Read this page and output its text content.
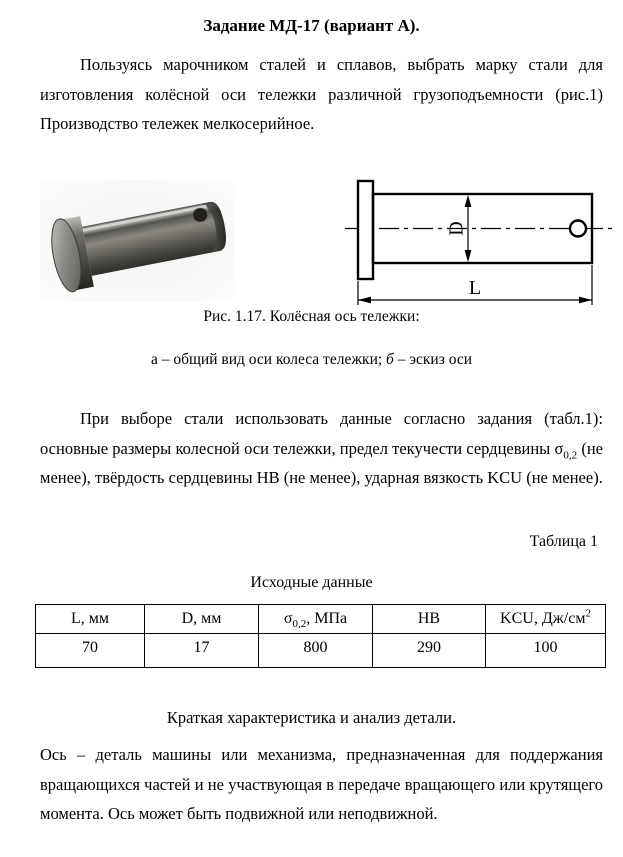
Задание МД-17 (вариант А).

Пользуясь марочником сталей и сплавов, выбрать марку стали для изготовления колёсной оси тележки различной грузоподъемности (рис.1) Производство тележек мелкосерийное.

D
L

Рис. 1.17. Колёсная ось тележки:

а – общий вид оси колеса тележки; б – эскиз оси

При выборе стали использовать данные согласно задания (табл.1): основные размеры колесной оси тележки, предел текучести сердцевины $\sigma_{0,2}$ (не менее), твёрдость сердцевины НВ (не менее), ударная вязкость KCU (не менее).

Таблица 1

Исходные данные

L, мм	D, мм	$\sigma_{0,2}$, МПа	НВ	KCU, $Дж/см^2$
70	17	800	290	100

Краткая характеристика и анализ детали.

Ось – деталь машины или механизма, предназначенная для поддержания вращающихся частей и не участвующая в передаче вращающего или крутящего момента. Ось может быть подвижной или неподвижной.
